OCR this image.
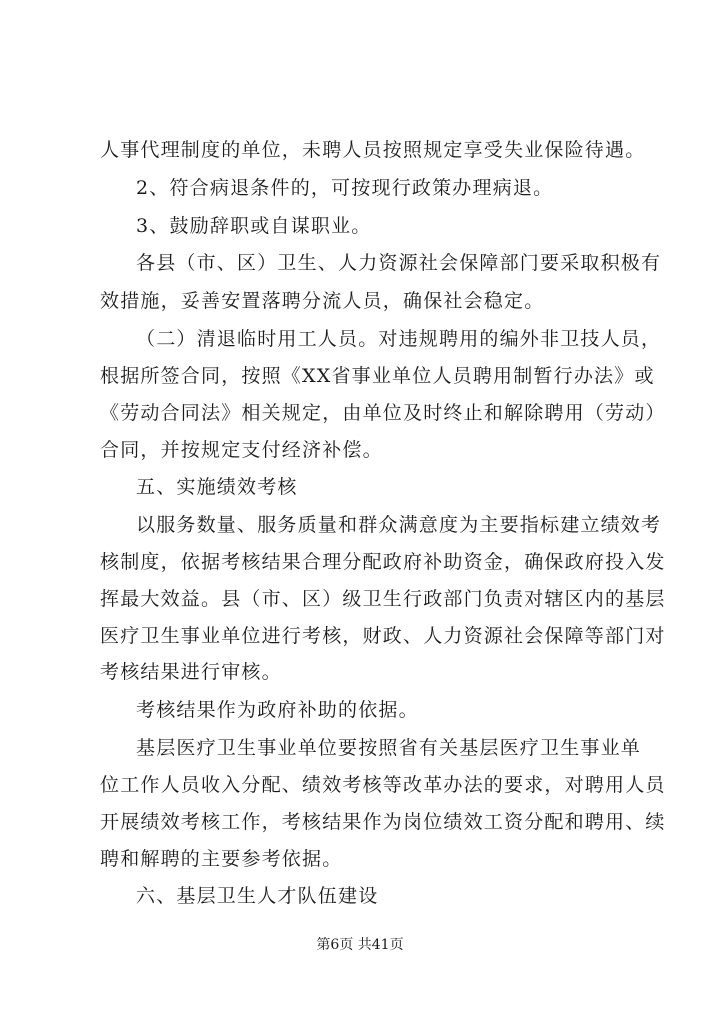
人事代理制度的单位，未聘人员按照规定享受失业保险待遇。
2、符合病退条件的，可按现行政策办理病退。
3、鼓励辞职或自谋职业。
各县（市、区）卫生、人力资源社会保障部门要采取积极有
效措施，妥善安置落聘分流人员，确保社会稳定。
（二）清退临时用工人员。对违规聘用的编外非卫技人员，
根据所签合同，按照《XX省事业单位人员聘用制暂行办法》或
《劳动合同法》相关规定，由单位及时终止和解除聘用（劳动）
合同，并按规定支付经济补偿。
五、实施绩效考核
以服务数量、服务质量和群众满意度为主要指标建立绩效考
核制度，依据考核结果合理分配政府补助资金，确保政府投入发
挥最大效益。县（市、区）级卫生行政部门负责对辖区内的基层
医疗卫生事业单位进行考核，财政、人力资源社会保障等部门对
考核结果进行审核。
考核结果作为政府补助的依据。
基层医疗卫生事业单位要按照省有关基层医疗卫生事业单
位工作人员收入分配、绩效考核等改革办法的要求，对聘用人员
开展绩效考核工作，考核结果作为岗位绩效工资分配和聘用、续
聘和解聘的主要参考依据。
六、基层卫生人才队伍建设
第6页 共41页
